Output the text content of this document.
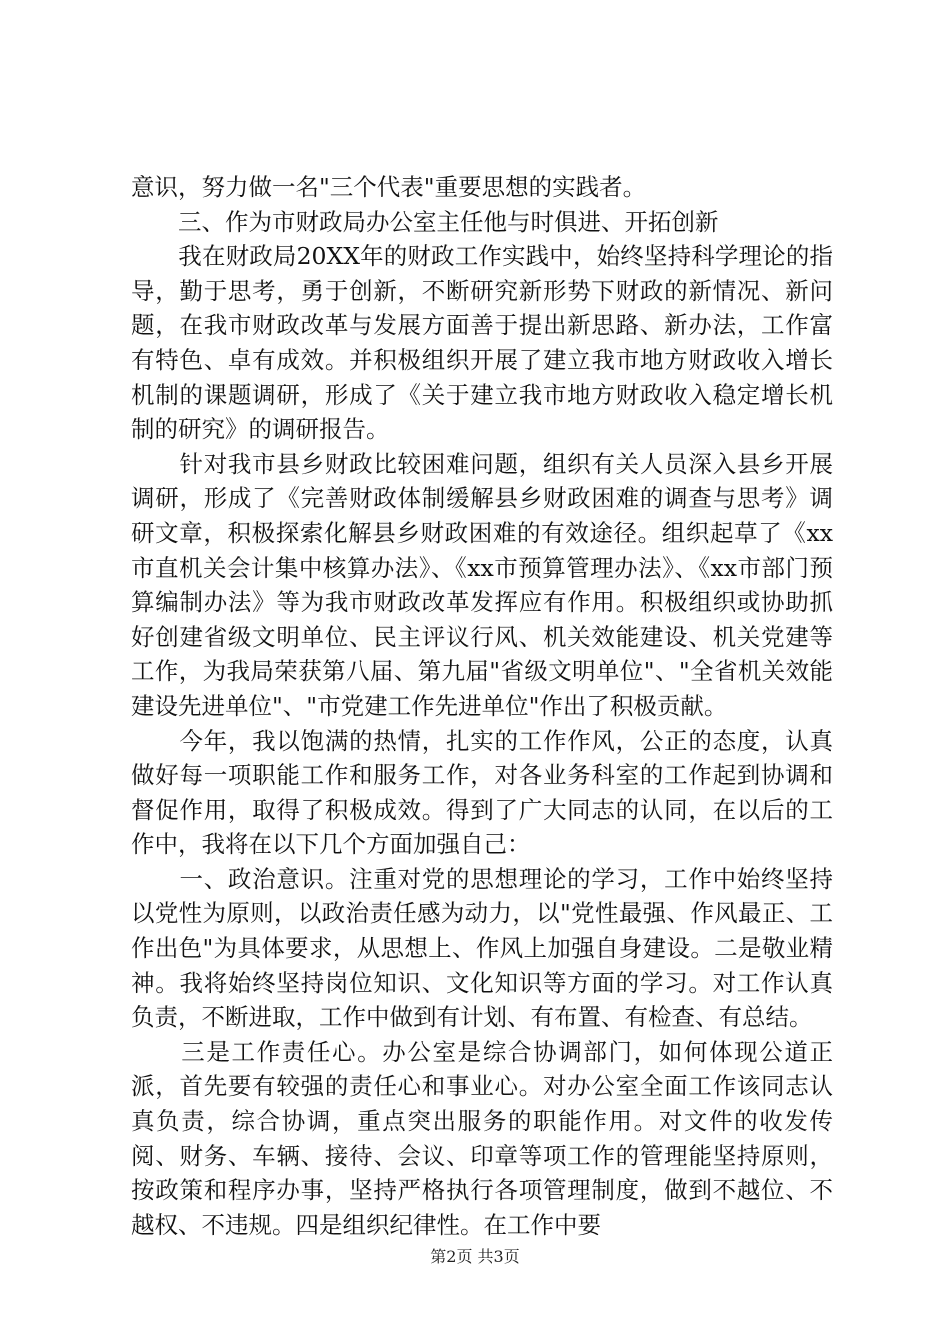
意识，努力做一名"三个代表"重要思想的实践者。

　　三、作为市财政局办公室主任他与时俱进、开拓创新

　　我在财政局20XX年的财政工作实践中，始终坚持科学理论的指导，勤于思考，勇于创新，不断研究新形势下财政的新情况、新问题，在我市财政改革与发展方面善于提出新思路、新办法，工作富有特色、卓有成效。并积极组织开展了建立我市地方财政收入增长机制的课题调研，形成了《关于建立我市地方财政收入稳定增长机制的研究》的调研报告。

　　针对我市县乡财政比较困难问题，组织有关人员深入县乡开展调研，形成了《完善财政体制缓解县乡财政困难的调查与思考》调研文章，积极探索化解县乡财政困难的有效途径。组织起草了《xx市直机关会计集中核算办法》、《xx市预算管理办法》、《xx市部门预算编制办法》等为我市财政改革发挥应有作用。积极组织或协助抓好创建省级文明单位、民主评议行风、机关效能建设、机关党建等工作，为我局荣获第八届、第九届"省级文明单位"、"全省机关效能建设先进单位"、"市党建工作先进单位"作出了积极贡献。

　　今年，我以饱满的热情，扎实的工作作风，公正的态度，认真做好每一项职能工作和服务工作，对各业务科室的工作起到协调和督促作用，取得了积极成效。得到了广大同志的认同，在以后的工作中，我将在以下几个方面加强自己：

　　一、政治意识。注重对党的思想理论的学习，工作中始终坚持以党性为原则，以政治责任感为动力，以"党性最强、作风最正、工作出色"为具体要求，从思想上、作风上加强自身建设。二是敬业精神。我将始终坚持岗位知识、文化知识等方面的学习。对工作认真负责，不断进取，工作中做到有计划、有布置、有检查、有总结。

　　三是工作责任心。办公室是综合协调部门，如何体现公道正派，首先要有较强的责任心和事业心。对办公室全面工作该同志认真负责，综合协调，重点突出服务的职能作用。对文件的收发传阅、财务、车辆、接待、会议、印章等项工作的管理能坚持原则，按政策和程序办事，坚持严格执行各项管理制度，做到不越位、不越权、不违规。四是组织纪律性。在工作中要

第2页 共3页
